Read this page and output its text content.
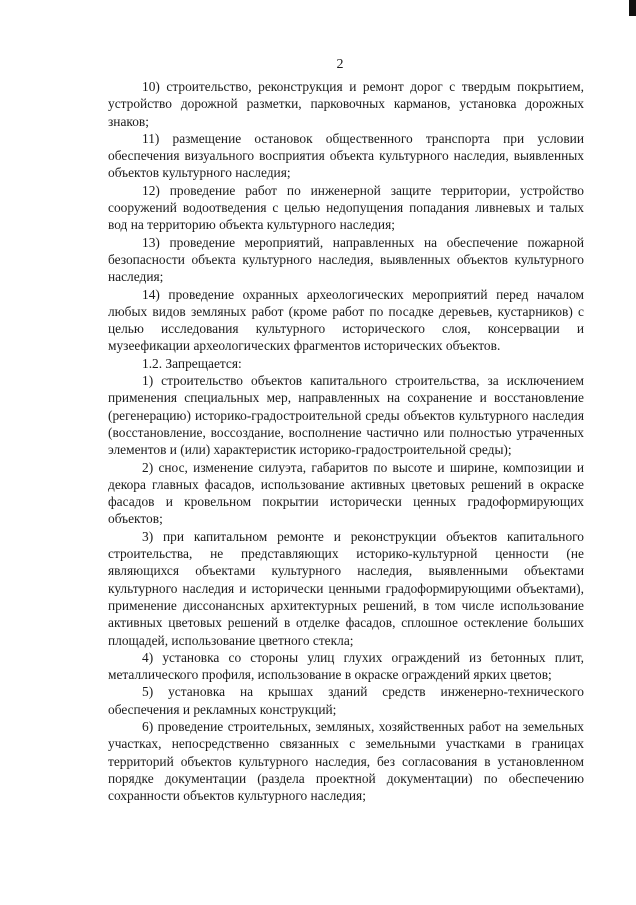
2

10) строительство, реконструкция и ремонт дорог с твердым покрытием, устройство дорожной разметки, парковочных карманов, установка дорожных знаков;

11) размещение остановок общественного транспорта при условии обеспечения визуального восприятия объекта культурного наследия, выявленных объектов культурного наследия;

12) проведение работ по инженерной защите территории, устройство сооружений водоотведения с целью недопущения попадания ливневых и талых вод на территорию объекта культурного наследия;

13) проведение мероприятий, направленных на обеспечение пожарной безопасности объекта культурного наследия, выявленных объектов культурного наследия;

14) проведение охранных археологических мероприятий перед началом любых видов земляных работ (кроме работ по посадке деревьев, кустарников) с целью исследования культурного исторического слоя, консервации и музеефикации археологических фрагментов исторических объектов.

1.2. Запрещается:

1) строительство объектов капитального строительства, за исключением применения специальных мер, направленных на сохранение и восстановление (регенерацию) историко-градостроительной среды объектов культурного наследия (восстановление, воссоздание, восполнение частично или полностью утраченных элементов и (или) характеристик историко-градостроительной среды);

2) снос, изменение силуэта, габаритов по высоте и ширине, композиции и декора главных фасадов, использование активных цветовых решений в окраске фасадов и кровельном покрытии исторически ценных градоформирующих объектов;

3) при капитальном ремонте и реконструкции объектов капитального строительства, не представляющих историко-культурной ценности (не являющихся объектами культурного наследия, выявленными объектами культурного наследия и исторически ценными градоформирующими объектами), применение диссонансных архитектурных решений, в том числе использование активных цветовых решений в отделке фасадов, сплошное остекление больших площадей, использование цветного стекла;

4) установка со стороны улиц глухих ограждений из бетонных плит, металлического профиля, использование в окраске ограждений ярких цветов;

5) установка на крышах зданий средств инженерно-технического обеспечения и рекламных конструкций;

6) проведение строительных, земляных, хозяйственных работ на земельных участках, непосредственно связанных с земельными участками в границах территорий объектов культурного наследия, без согласования в установленном порядке документации (раздела проектной документации) по обеспечению сохранности объектов культурного наследия;
